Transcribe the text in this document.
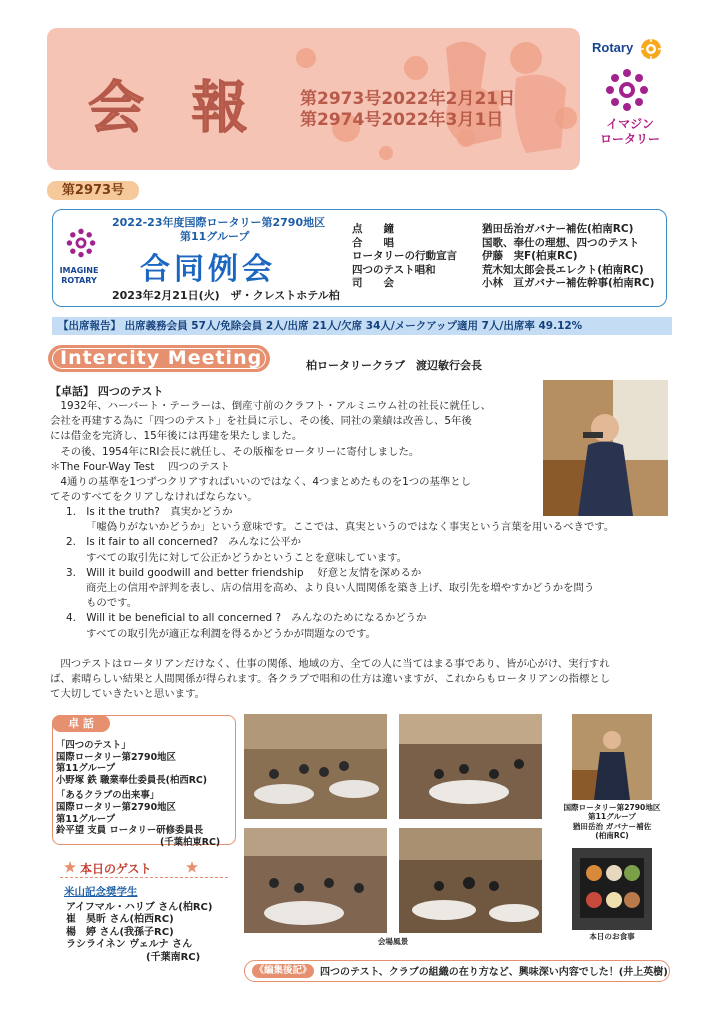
会 報 第2973号2022年2月21日
第2974号2022年3月1日
Rotary
イマジン
ロータリー
第2973号
IMAGINE
ROTARY
2022-23年度国際ロータリー第2790地区
第11グループ
合同例会
2023年2月21日(火)　ザ・クレストホテル柏
点　　鐘	猶田岳治ガバナー補佐(柏南RC)
合　　唱	国歌、奉仕の理想、四つのテスト
ロータリーの行動宣言	伊藤　実F(柏東RC)
四つのテスト唱和	荒木知太郎会長エレクト(柏南RC)
司　　会	小林　亘ガバナー補佐幹事(柏南RC)
【出席報告】 出席義務会員 57人/免除会員 2人/出席 21人/欠席 34人/メークアップ適用 7人/出席率 49.12%
Intercity Meeting	柏ロータリークラブ　渡辺敏行会長
【卓話】 四つのテスト
　1932年、ハーバート・テーラーは、倒産寸前のクラフト・アルミニウム社の社長に就任し、
会社を再建する為に「四つのテスト」を社員に示し、その後、同社の業績は改善し、5年後
には借金を完済し、15年後には再建を果たしました。
　その後、1954年にRI会長に就任し、その版権をロータリーに寄付しました。
＊The Four-Way Test　 四つのテスト
　4通りの基準を1つずつクリアすればいいのではなく、4つまとめたものを1つの基準とし
てそのすべてをクリアしなければならない。
1.　Is it the truth?　真実かどうか
「嘘偽りがないかどうか」という意味です。ここでは、真実というのではなく事実という言葉を用いるべきです。
2.　Is it fair to all concerned?　みんなに公平か
すべての取引先に対して公正かどうかということを意味しています。
3.　Will it build goodwill and better friendship　 好意と友情を深めるか
商売上の信用や評判を表し、店の信用を高め、より良い人間関係を築き上げ、取引先を増やすかどうかを問う
ものです。
4.　Will it be beneficial to all concerned ?　みんなのためになるかどうか
すべての取引先が適正な利潤を得るかどうかが問題なのです。
　四つテストはロータリアンだけなく、仕事の関係、地域の方、全ての人に当てはまる事であり、皆が心がけ、実行すれ
ば、素晴らしい結果と人間関係が得られます。各クラブで唱和の仕方は違いますが、これからもロータリアンの指標とし
て大切していきたいと思います。
卓 話
「四つのテスト」
国際ロータリー第2790地区
第11グループ
小野塚 鉄 職業奉仕委員長(柏西RC)
「あるクラブの出来事」
国際ロータリー第2790地区
第11グループ
鈴平望 支員 ロータリー研修委員長
(千葉柏東RC)
本日のゲスト
米山記念奨学生
アイフマル・ハリブ さん(柏RC)
崔　昊昕 さん(柏西RC)
楊　婷 さん(我孫子RC)
ラシライネン ヴェルナ さん
　　　　　　　　(千葉南RC)
国際ロータリー第2790地区
第11グループ
猶田岳治 ガバナー補佐
(柏南RC)
会場風景
本日のお食事
《編集後記》 四つのテスト、クラブの組織の在り方など、興味深い内容でした！(井上英樹)
